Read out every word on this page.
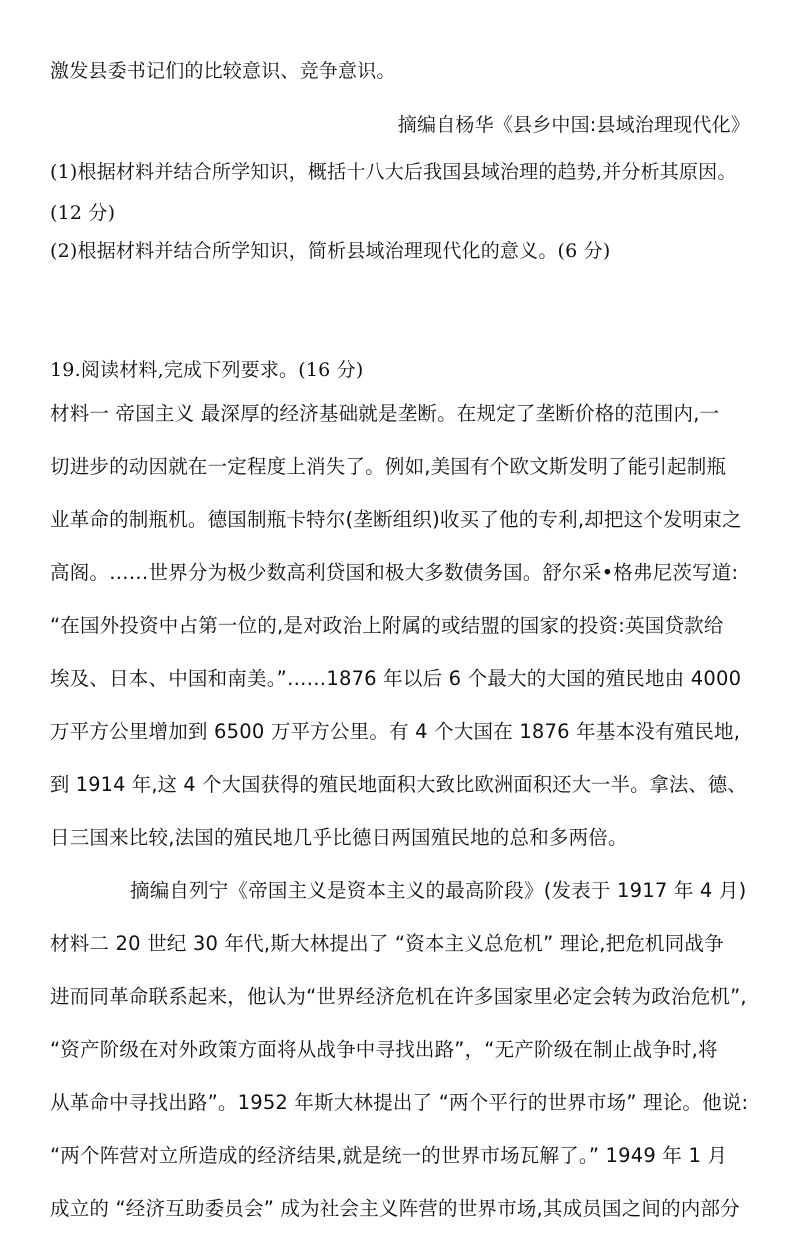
激发县委书记们的比较意识、竞争意识。
摘编自杨华《县乡中国:县域治理现代化》
(1)根据材料并结合所学知识，概括十八大后我国县域治理的趋势,并分析其原因。
(12 分)
(2)根据材料并结合所学知识，简析县域治理现代化的意义。(6 分)
19.阅读材料,完成下列要求。(16 分)
材料一 帝国主义 最深厚的经济基础就是垄断。在规定了垄断价格的范围内,一
切进步的动因就在一定程度上消失了。例如,美国有个欧文斯发明了能引起制瓶
业革命的制瓶机。德国制瓶卡特尔(垄断组织)收买了他的专利,却把这个发明束之
高阁。……世界分为极少数高利贷国和极大多数债务国。舒尔采•格弗尼茨写道:
“在国外投资中占第一位的,是对政治上附属的或结盟的国家的投资:英国贷款给
埃及、日本、中国和南美。”……1876 年以后 6 个最大的大国的殖民地由 4000
万平方公里增加到 6500 万平方公里。有 4 个大国在 1876 年基本没有殖民地,
到 1914 年,这 4 个大国获得的殖民地面积大致比欧洲面积还大一半。拿法、德、
日三国来比较,法国的殖民地几乎比德日两国殖民地的总和多两倍。
摘编自列宁《帝国主义是资本主义的最高阶段》(发表于 1917 年 4 月)
材料二 20 世纪 30 年代,斯大林提出了 “资本主义总危机” 理论,把危机同战争
进而同革命联系起来，他认为“世界经济危机在许多国家里必定会转为政治危机”,
“资产阶级在对外政策方面将从战争中寻找出路”，“无产阶级在制止战争时,将
从革命中寻找出路”。1952 年斯大林提出了 “两个平行的世界市场” 理论。他说:
“两个阵营对立所造成的经济结果,就是统一的世界市场瓦解了。” 1949 年 1 月
成立的 “经济互助委员会” 成为社会主义阵营的世界市场,其成员国之间的内部分
